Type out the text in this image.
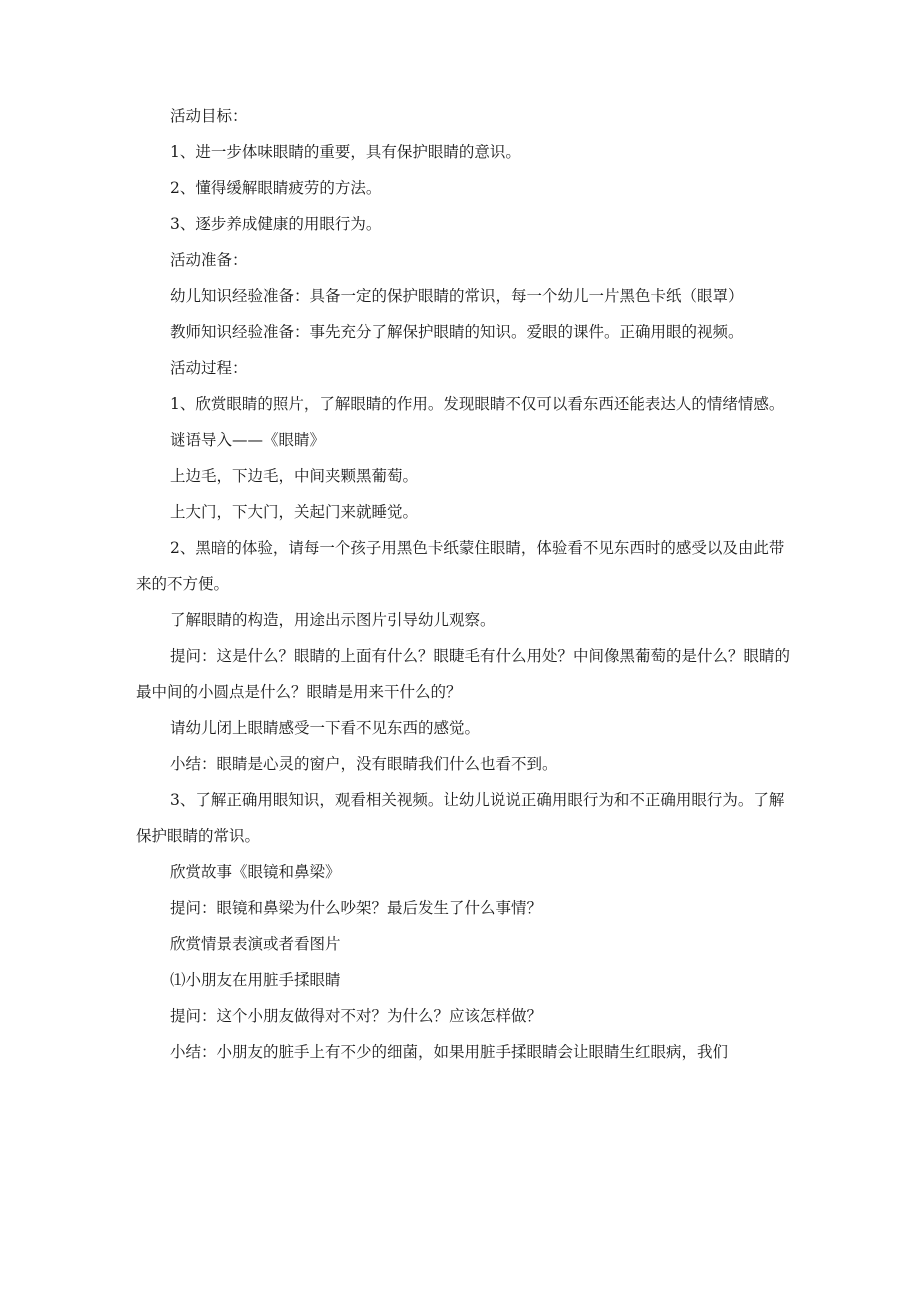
活动目标：

1、进一步体味眼睛的重要，具有保护眼睛的意识。

2、懂得缓解眼睛疲劳的方法。

3、逐步养成健康的用眼行为。

活动准备：

幼儿知识经验准备：具备一定的保护眼睛的常识，每一个幼儿一片黑色卡纸（眼罩）

教师知识经验准备：事先充分了解保护眼睛的知识。爱眼的课件。正确用眼的视频。

活动过程：

1、欣赏眼睛的照片，了解眼睛的作用。发现眼睛不仅可以看东西还能表达人的情绪情感。

谜语导入——《眼睛》

上边毛，下边毛，中间夹颗黑葡萄。

上大门，下大门，关起门来就睡觉。

2、黑暗的体验，请每一个孩子用黑色卡纸蒙住眼睛，体验看不见东西时的感受以及由此带来的不方便。

了解眼睛的构造，用途出示图片引导幼儿观察。

提问：这是什么？眼睛的上面有什么？眼睫毛有什么用处？中间像黑葡萄的是什么？眼睛的最中间的小圆点是什么？眼睛是用来干什么的？

请幼儿闭上眼睛感受一下看不见东西的感觉。

小结：眼睛是心灵的窗户，没有眼睛我们什么也看不到。

3、了解正确用眼知识，观看相关视频。让幼儿说说正确用眼行为和不正确用眼行为。了解保护眼睛的常识。

欣赏故事《眼镜和鼻梁》

提问：眼镜和鼻梁为什么吵架？最后发生了什么事情？

欣赏情景表演或者看图片

⑴小朋友在用脏手揉眼睛

提问：这个小朋友做得对不对？为什么？应该怎样做？

小结：小朋友的脏手上有不少的细菌，如果用脏手揉眼睛会让眼睛生红眼病，我们
